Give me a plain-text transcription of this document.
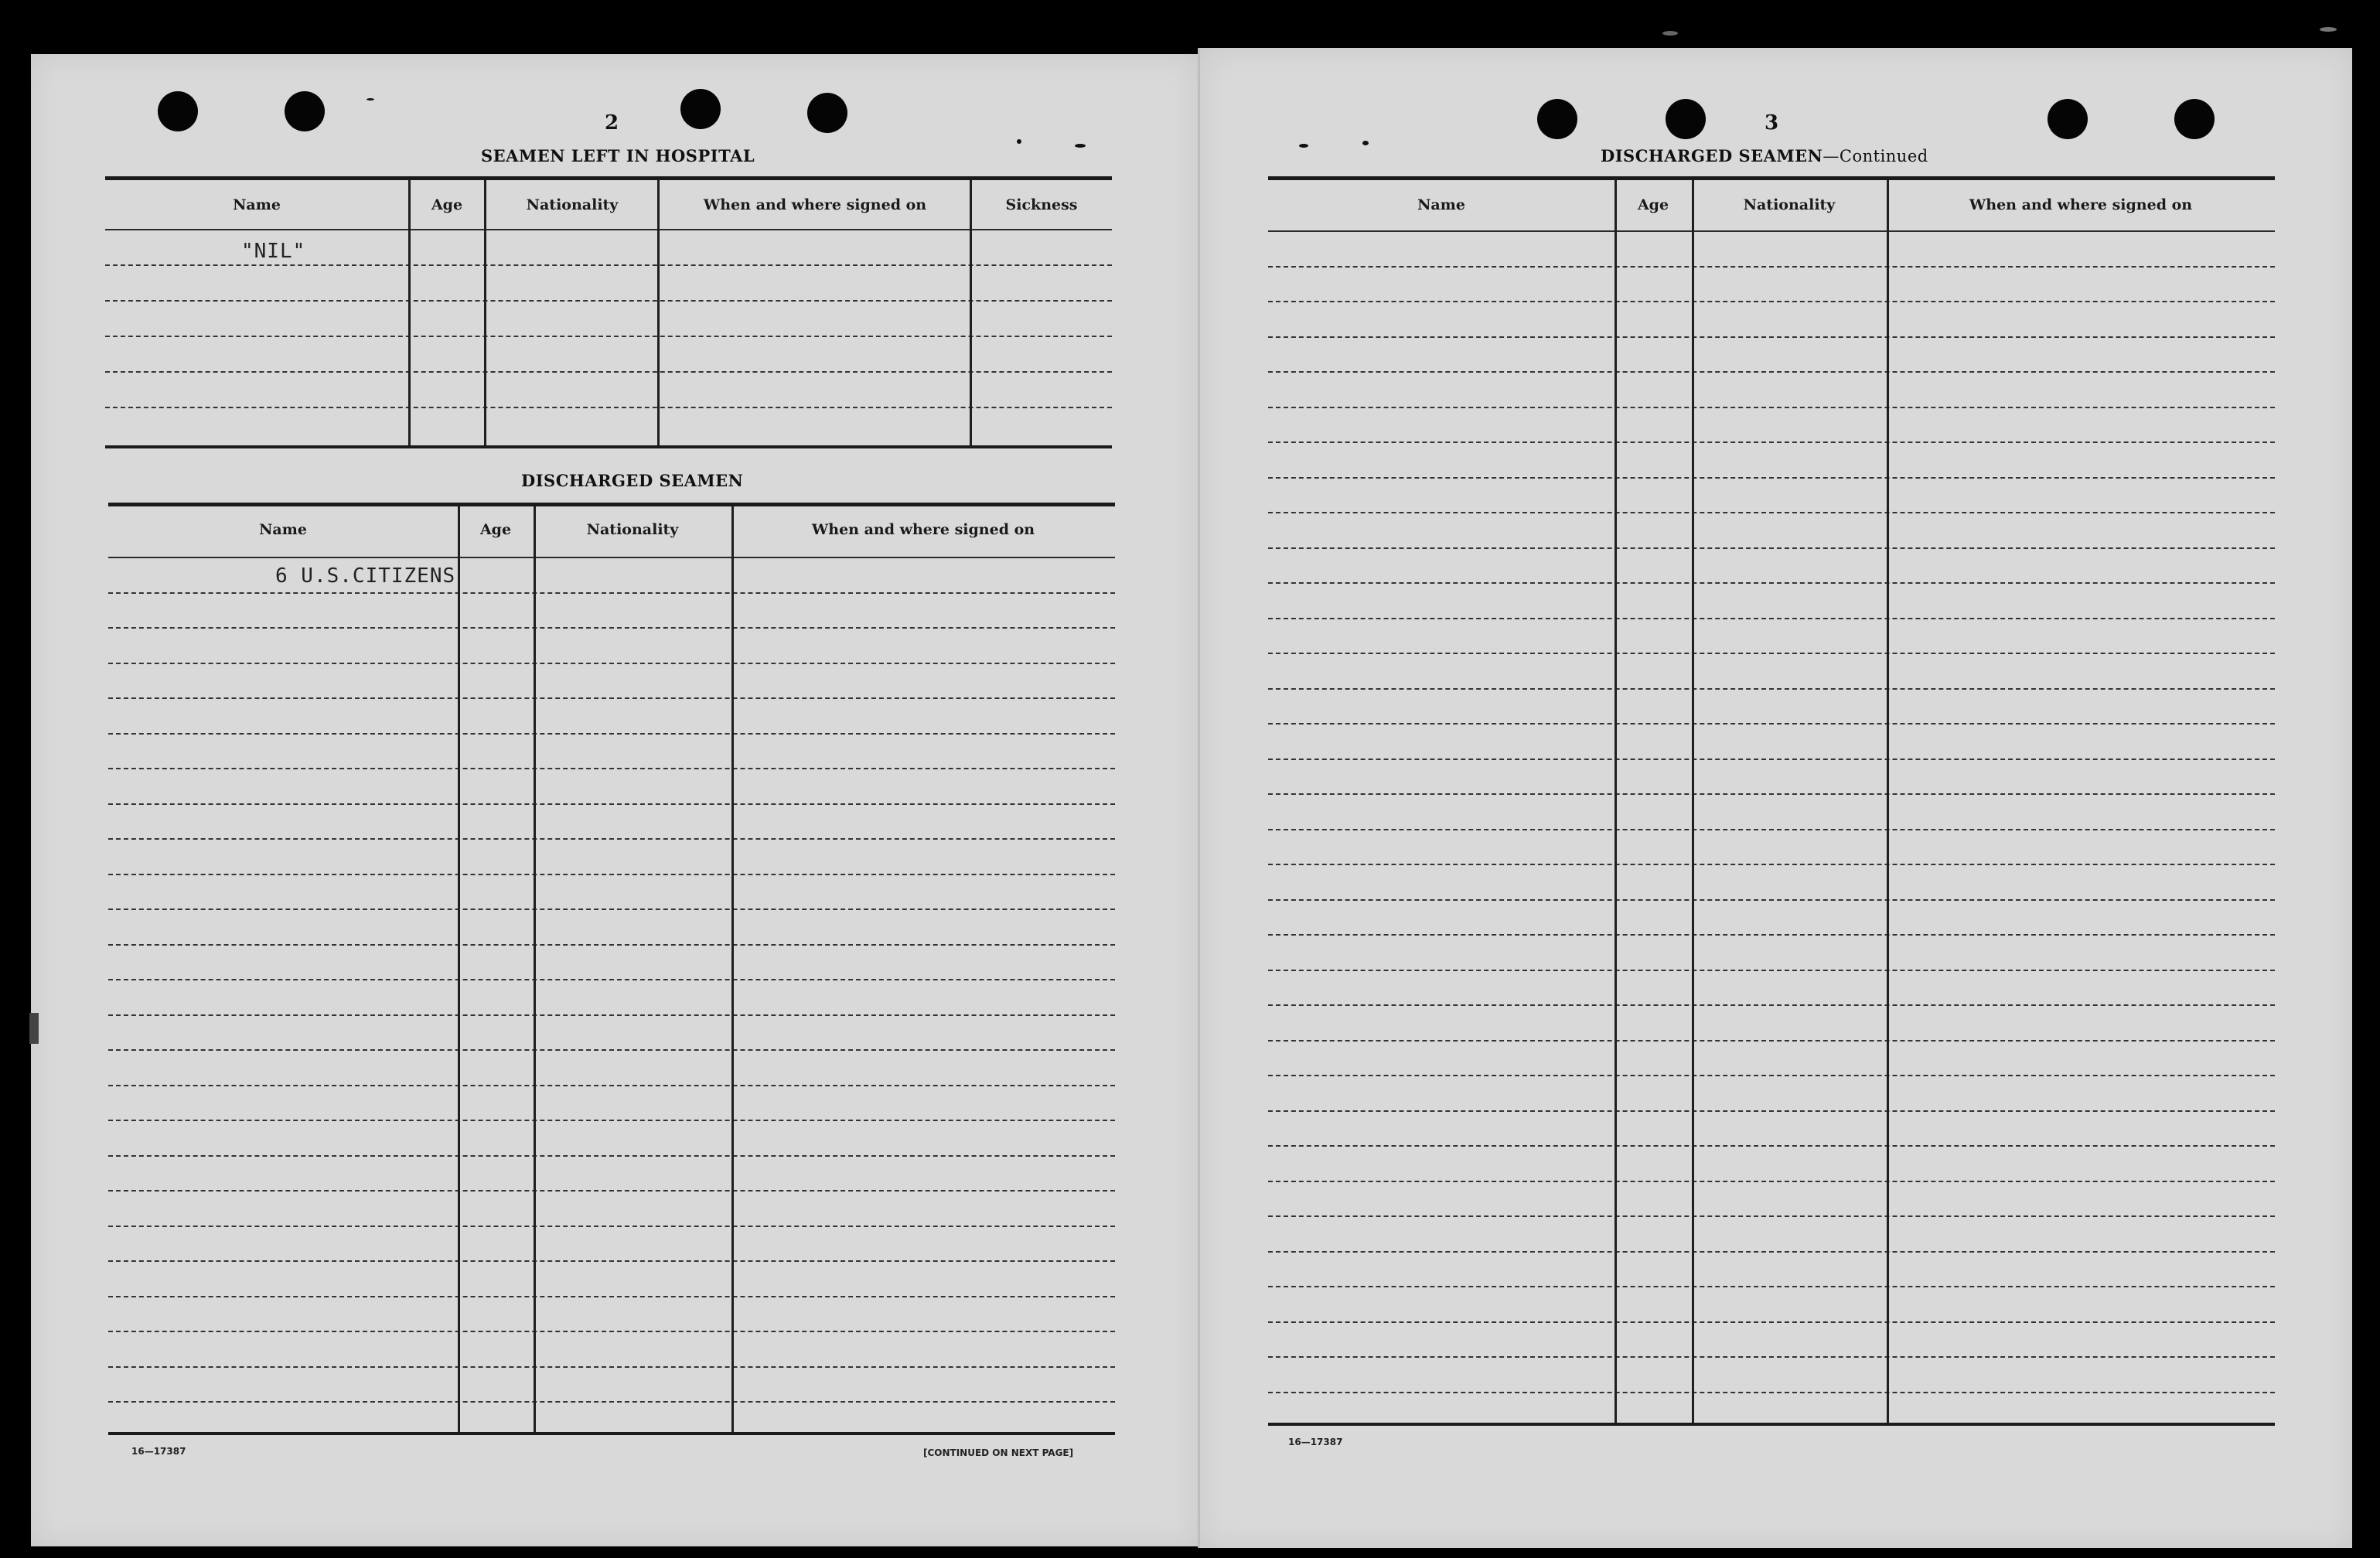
2
SEAMEN LEFT IN HOSPITAL
Name	Age	Nationality	When and where signed on	Sickness
"NIL"
DISCHARGED SEAMEN
Name	Age	Nationality	When and where signed on
6 U.S.CITIZENS
16—17387	[CONTINUED ON NEXT PAGE]
3
DISCHARGED SEAMEN—Continued
Name	Age	Nationality	When and where signed on
16—17387
